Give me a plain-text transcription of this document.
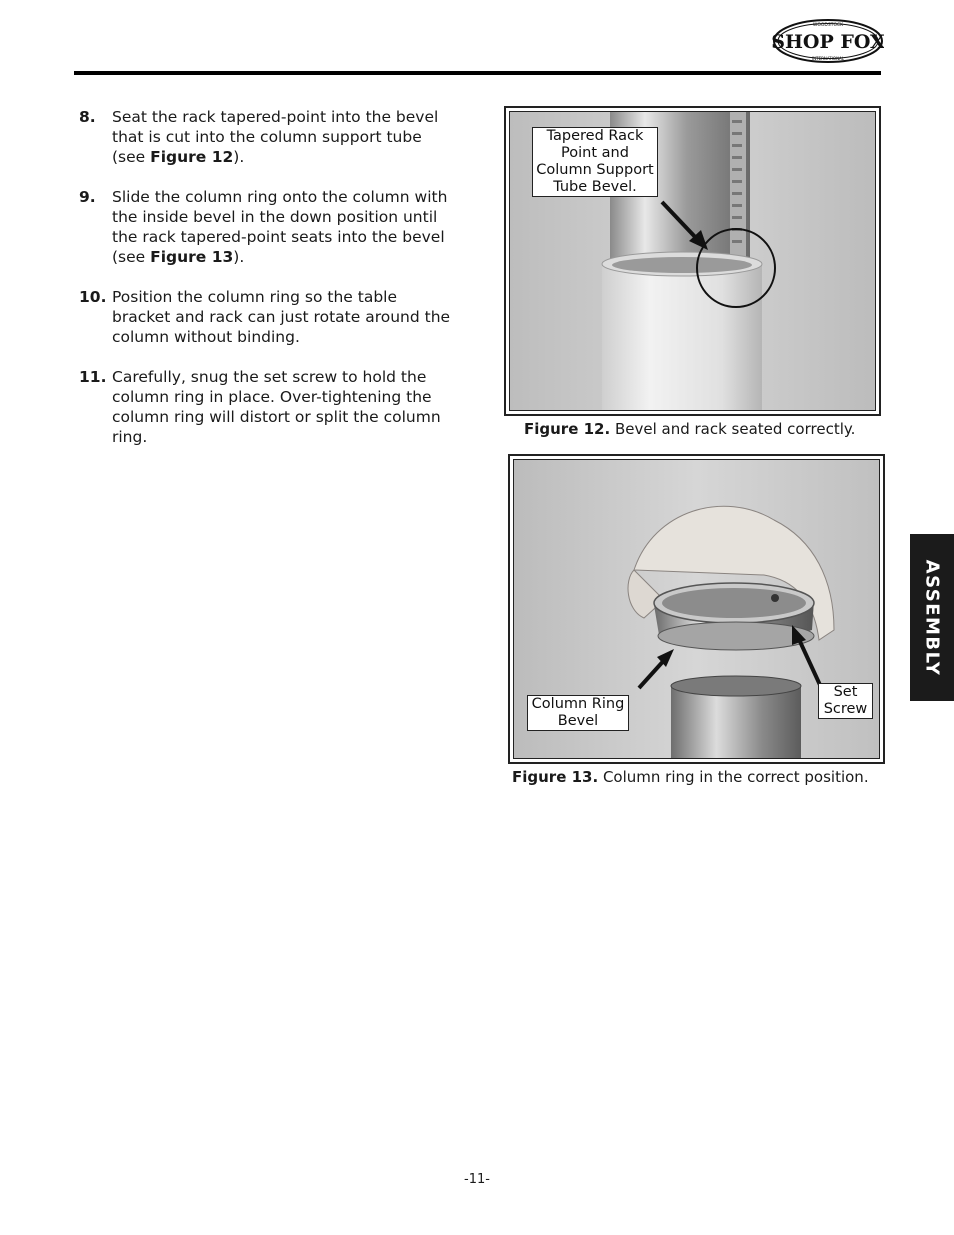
WOODSTOCK
SHOP FOX
INTERNATIONAL
8. Seat the rack tapered-point into the bevel that is cut into the column support tube (see Figure 12).
9. Slide the column ring onto the column with the inside bevel in the down position until the rack tapered-point seats into the bevel (see Figure 13).
10. Position the column ring so the table bracket and rack can just rotate around the column without binding.
11. Carefully, snug the set screw to hold the column ring in place. Over-tightening the column ring will distort or split the column ring.
Tapered Rack Point and Column Support Tube Bevel.
Figure 12. Bevel and rack seated correctly.
Column Ring Bevel
Set Screw
Figure 13. Column ring in the correct position.
ASSEMBLY
-11-
